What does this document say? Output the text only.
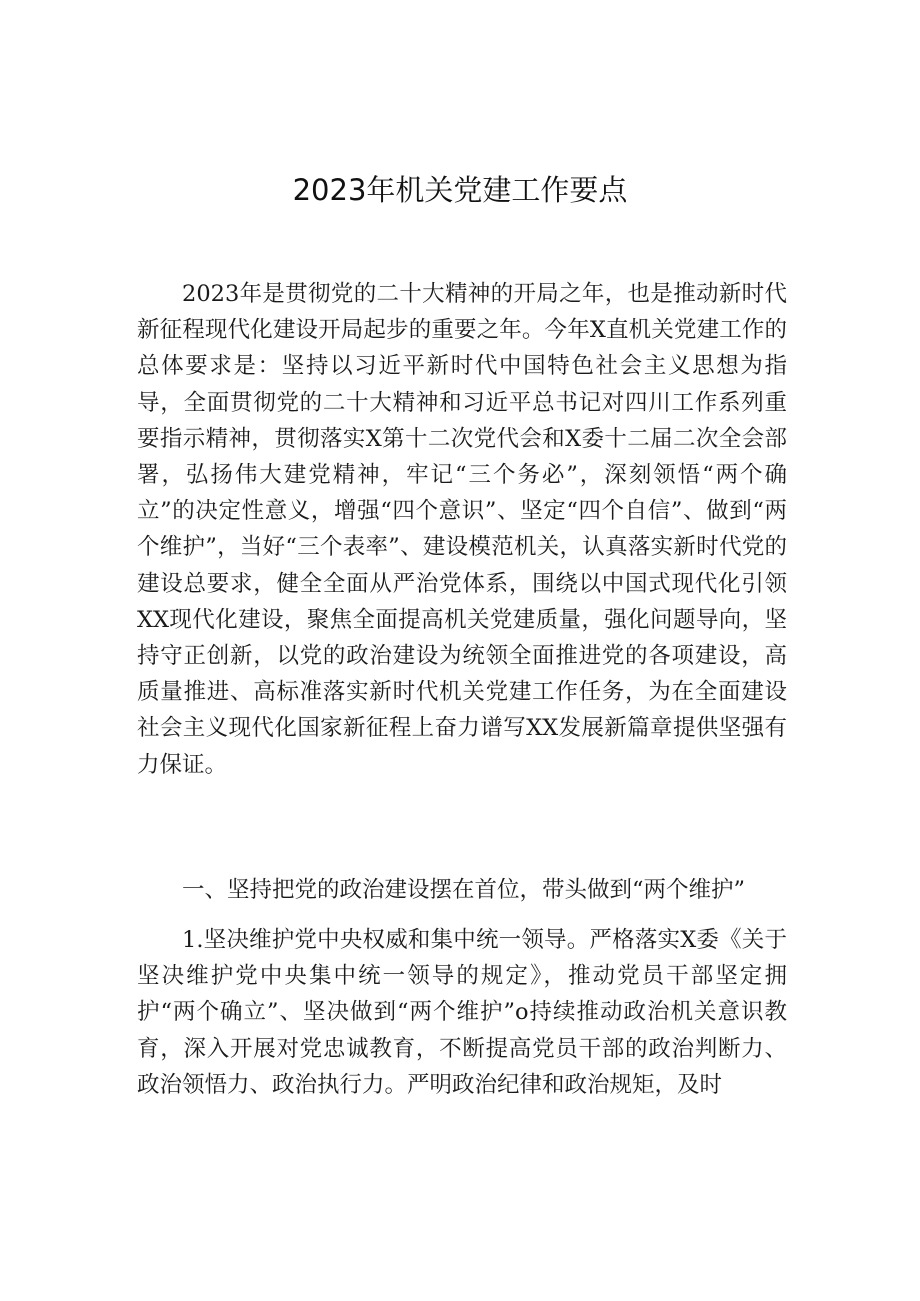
2023年机关党建工作要点

2023年是贯彻党的二十大精神的开局之年，也是推动新时代新征程现代化建设开局起步的重要之年。今年X直机关党建工作的总体要求是：坚持以习近平新时代中国特色社会主义思想为指导，全面贯彻党的二十大精神和习近平总书记对四川工作系列重要指示精神，贯彻落实X第十二次党代会和X委十二届二次全会部署，弘扬伟大建党精神，牢记“三个务必”，深刻领悟“两个确立”的决定性意义，增强“四个意识”、坚定“四个自信”、做到“两个维护”，当好“三个表率”、建设模范机关，认真落实新时代党的建设总要求，健全全面从严治党体系，围绕以中国式现代化引领XX现代化建设，聚焦全面提高机关党建质量，强化问题导向，坚持守正创新，以党的政治建设为统领全面推进党的各项建设，高质量推进、高标准落实新时代机关党建工作任务，为在全面建设社会主义现代化国家新征程上奋力谱写XX发展新篇章提供坚强有力保证。

一、坚持把党的政治建设摆在首位，带头做到“两个维护”

1.坚决维护党中央权威和集中统一领导。严格落实X委《关于坚决维护党中央集中统一领导的规定》，推动党员干部坚定拥护“两个确立”、坚决做到“两个维护”o持续推动政治机关意识教育，深入开展对党忠诚教育，不断提高党员干部的政治判断力、政治领悟力、政治执行力。严明政治纪律和政治规矩，及时
